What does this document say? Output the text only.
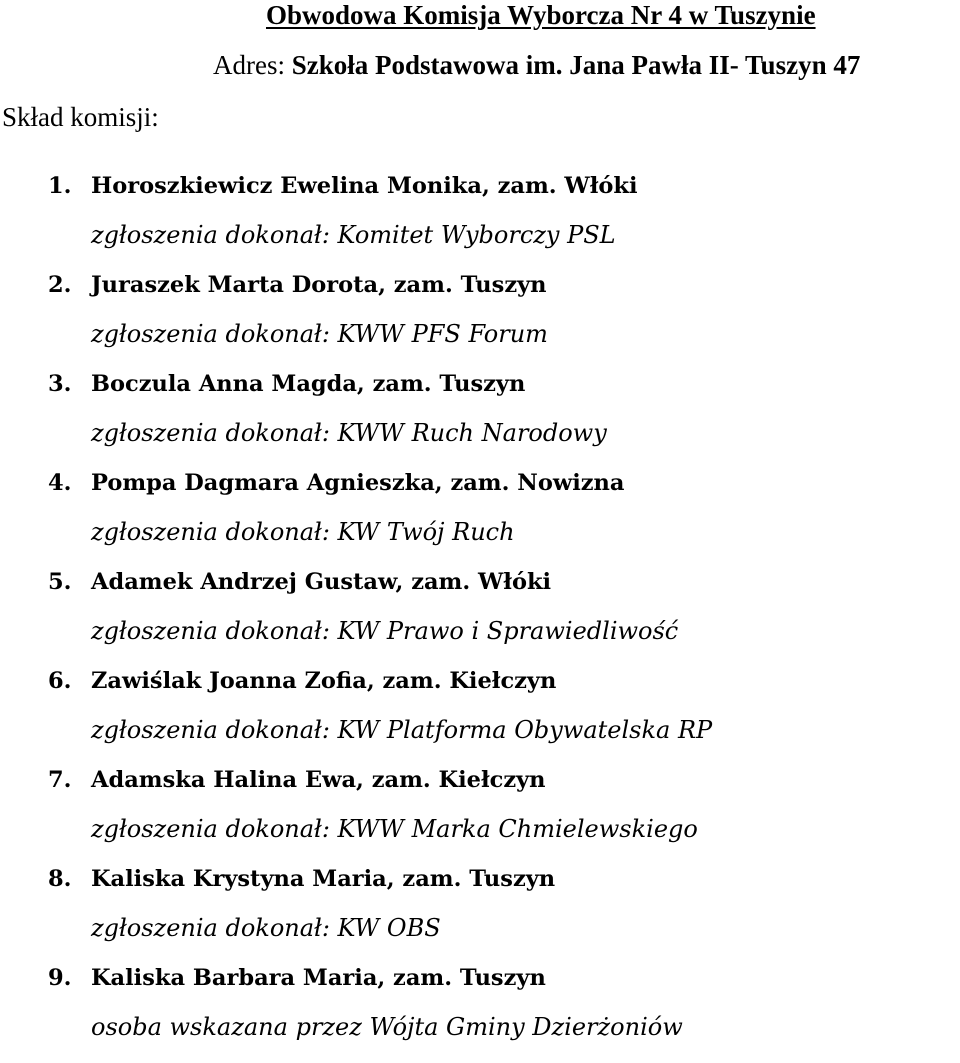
Obwodowa Komisja Wyborcza Nr 4 w Tuszynie
Adres: Szkoła Podstawowa im. Jana Pawła II- Tuszyn 47
Skład komisji:
1. Horoszkiewicz Ewelina Monika, zam. Włóki
zgłoszenia dokonał: Komitet Wyborczy PSL
2. Juraszek Marta Dorota, zam. Tuszyn
zgłoszenia dokonał: KWW PFS Forum
3. Boczula Anna Magda, zam. Tuszyn
zgłoszenia dokonał: KWW Ruch Narodowy
4. Pompa Dagmara Agnieszka, zam. Nowizna
zgłoszenia dokonał: KW Twój Ruch
5. Adamek Andrzej Gustaw, zam. Włóki
zgłoszenia dokonał: KW Prawo i Sprawiedliwość
6. Zawiślak Joanna Zofia, zam. Kiełczyn
zgłoszenia dokonał: KW Platforma Obywatelska RP
7. Adamska Halina Ewa, zam. Kiełczyn
zgłoszenia dokonał: KWW Marka Chmielewskiego
8. Kaliska Krystyna Maria, zam. Tuszyn
zgłoszenia dokonał: KW OBS
9. Kaliska Barbara Maria, zam. Tuszyn
osoba wskazana przez Wójta Gminy Dzierżoniów
